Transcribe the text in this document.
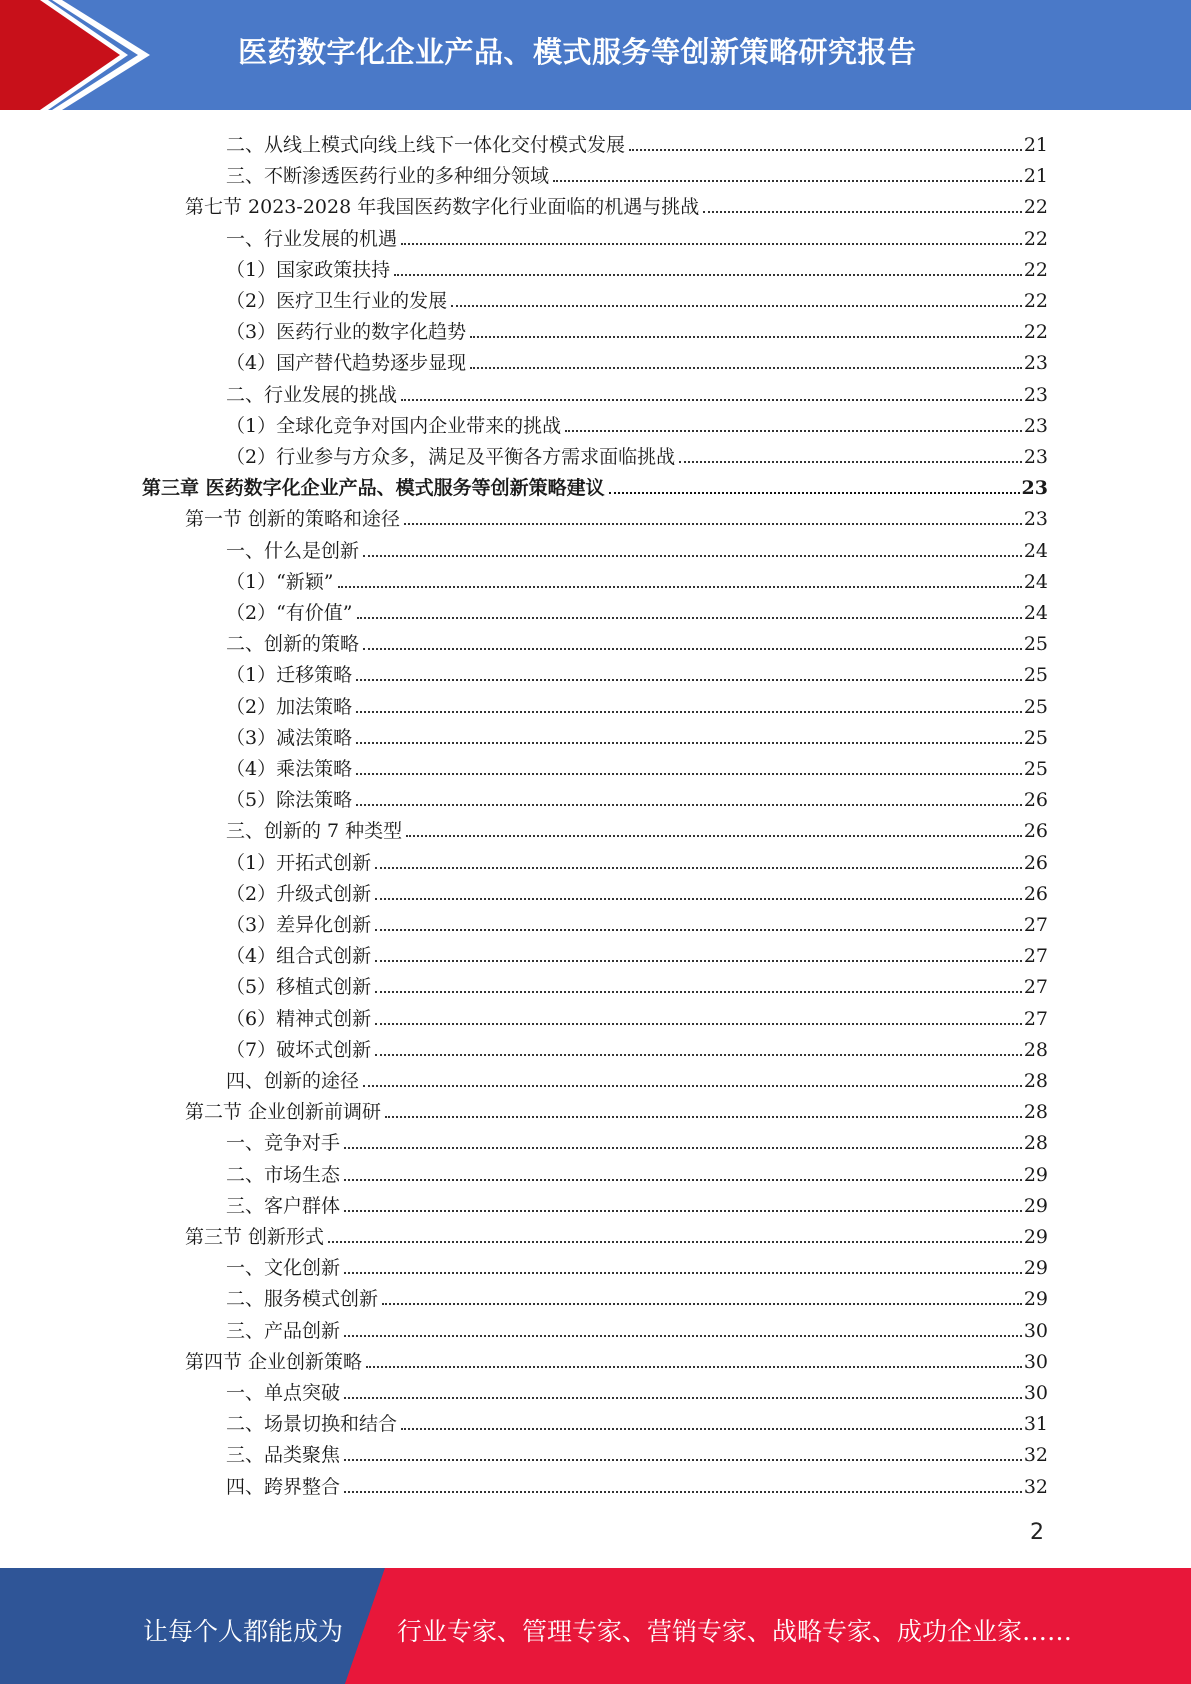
医药数字化企业产品、模式服务等创新策略研究报告
二、从线上模式向线上线下一体化交付模式发展	21
三、不断渗透医药行业的多种细分领域	21
第七节 2023-2028 年我国医药数字化行业面临的机遇与挑战	22
一、行业发展的机遇	22
（1）国家政策扶持	22
（2）医疗卫生行业的发展	22
（3）医药行业的数字化趋势	22
（4）国产替代趋势逐步显现	23
二、行业发展的挑战	23
（1）全球化竞争对国内企业带来的挑战	23
（2）行业参与方众多，满足及平衡各方需求面临挑战	23
第三章 医药数字化企业产品、模式服务等创新策略建议	23
第一节 创新的策略和途径	23
一、什么是创新	24
（1）“新颖”	24
（2）“有价值”	24
二、创新的策略	25
（1）迁移策略	25
（2）加法策略	25
（3）减法策略	25
（4）乘法策略	25
（5）除法策略	26
三、创新的 7 种类型	26
（1）开拓式创新	26
（2）升级式创新	26
（3）差异化创新	27
（4）组合式创新	27
（5）移植式创新	27
（6）精神式创新	27
（7）破坏式创新	28
四、创新的途径	28
第二节 企业创新前调研	28
一、竞争对手	28
二、市场生态	29
三、客户群体	29
第三节 创新形式	29
一、文化创新	29
二、服务模式创新	29
三、产品创新	30
第四节 企业创新策略	30
一、单点突破	30
二、场景切换和结合	31
三、品类聚焦	32
四、跨界整合	32
2
让每个人都能成为 行业专家、管理专家、营销专家、战略专家、成功企业家……
